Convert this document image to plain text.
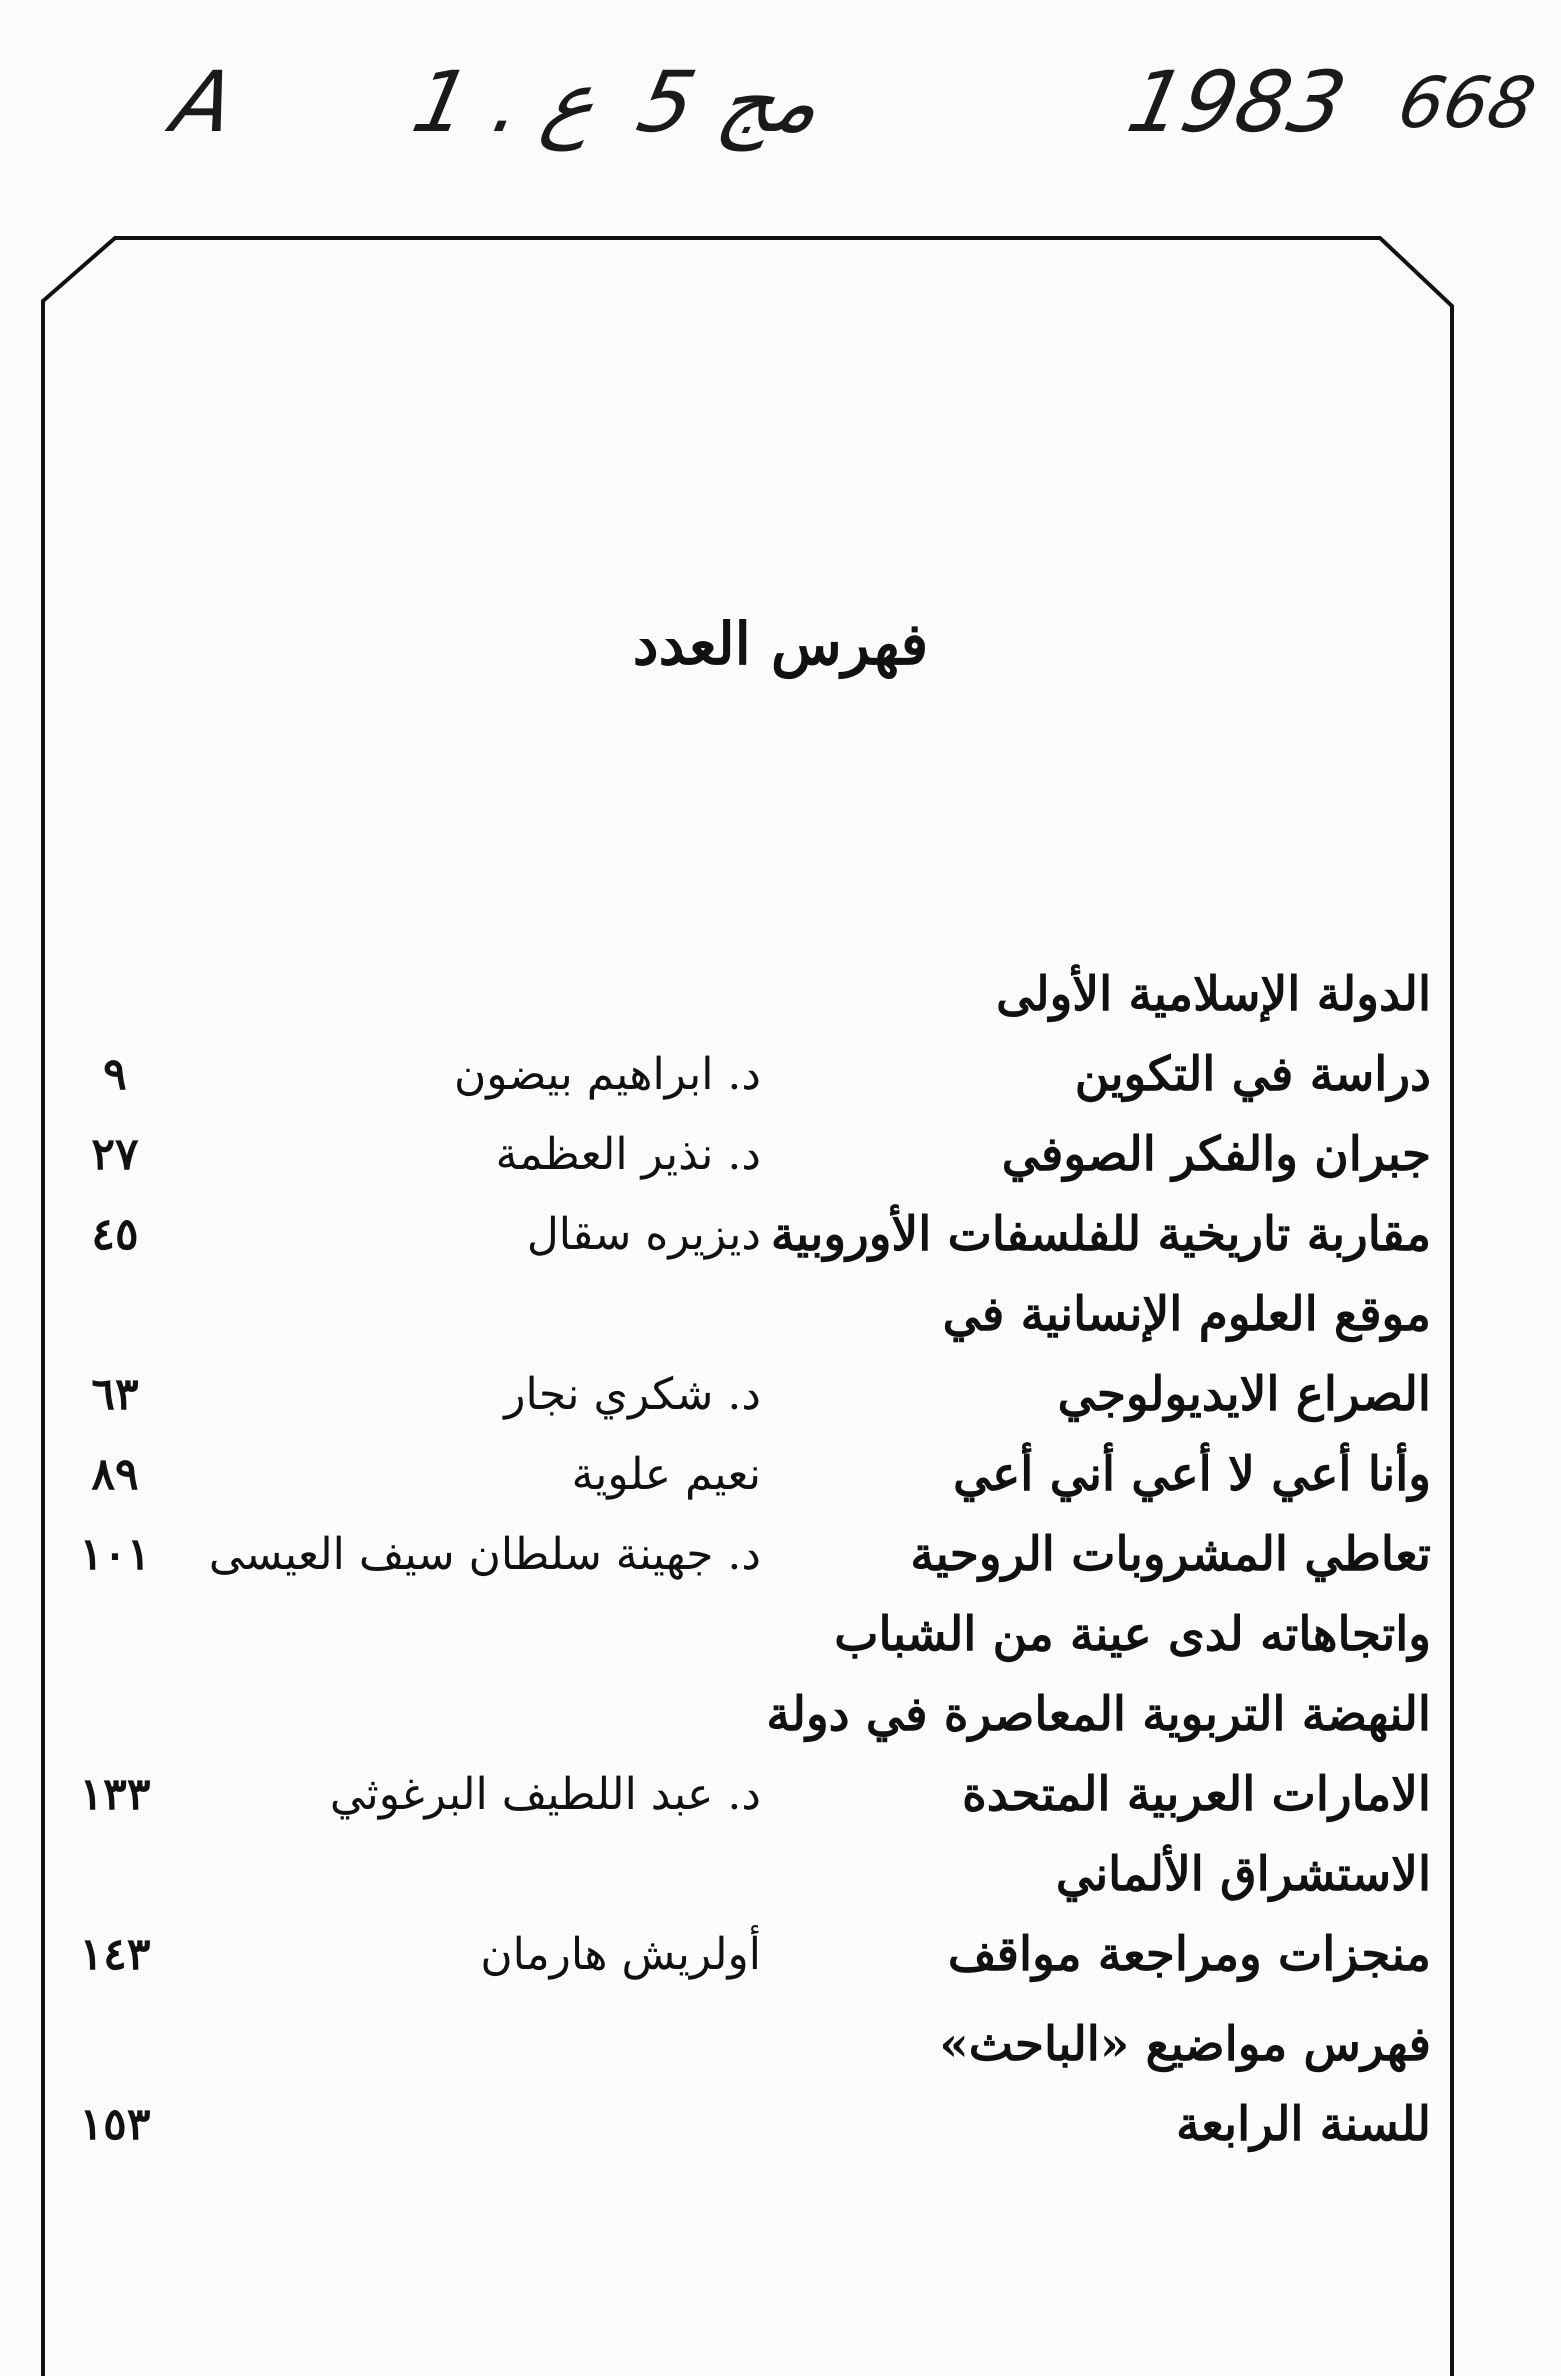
A 1 . ع 5 مج	1983 668
فهرس العدد
الدولة الإسلامية الأولى
دراسة في التكوين
د. ابراهيم بيضون
٩
جبران والفكر الصوفي
د. نذير العظمة
٢٧
مقاربة تاريخية للفلسفات الأوروبية
ديزيره سقال
٤٥
موقع العلوم الإنسانية في
الصراع الايديولوجي
د. شكري نجار
٦٣
وأنا أعي لا أعي أني أعي
نعيم علوية
٨٩
تعاطي المشروبات الروحية
د. جهينة سلطان سيف العيسى
١٠١
واتجاهاته لدى عينة من الشباب
النهضة التربوية المعاصرة في دولة
الامارات العربية المتحدة
د. عبد اللطيف البرغوثي
١٣٣
الاستشراق الألماني
منجزات ومراجعة مواقف
أولريش هارمان
١٤٣
فهرس مواضيع «الباحث»
للسنة الرابعة
١٥٣
